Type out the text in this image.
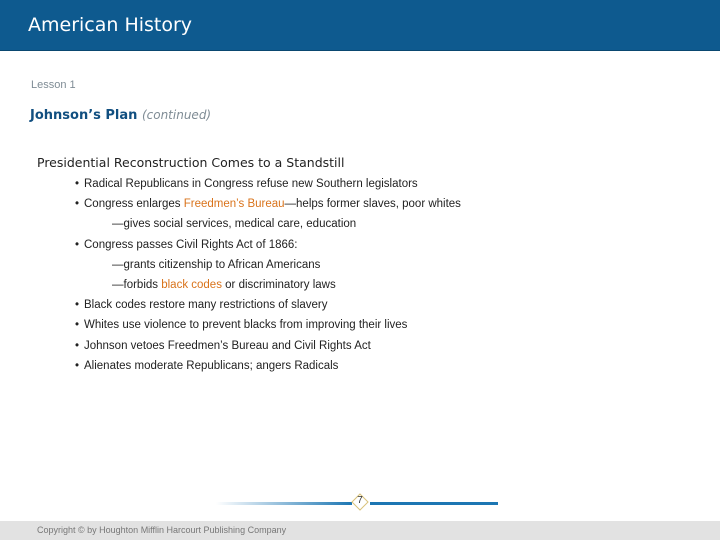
American History
Lesson 1
Johnson’s Plan (continued)
Presidential Reconstruction Comes to a Standstill
• Radical Republicans in Congress refuse new Southern legislators
• Congress enlarges Freedmen’s Bureau—helps former slaves, poor whites
—gives social services, medical care, education
• Congress passes Civil Rights Act of 1866:
—grants citizenship to African Americans
—forbids black codes or discriminatory laws
• Black codes restore many restrictions of slavery
• Whites use violence to prevent blacks from improving their lives
• Johnson vetoes Freedmen’s Bureau and Civil Rights Act
• Alienates moderate Republicans; angers Radicals
7
Copyright © by Houghton Mifflin Harcourt Publishing Company
